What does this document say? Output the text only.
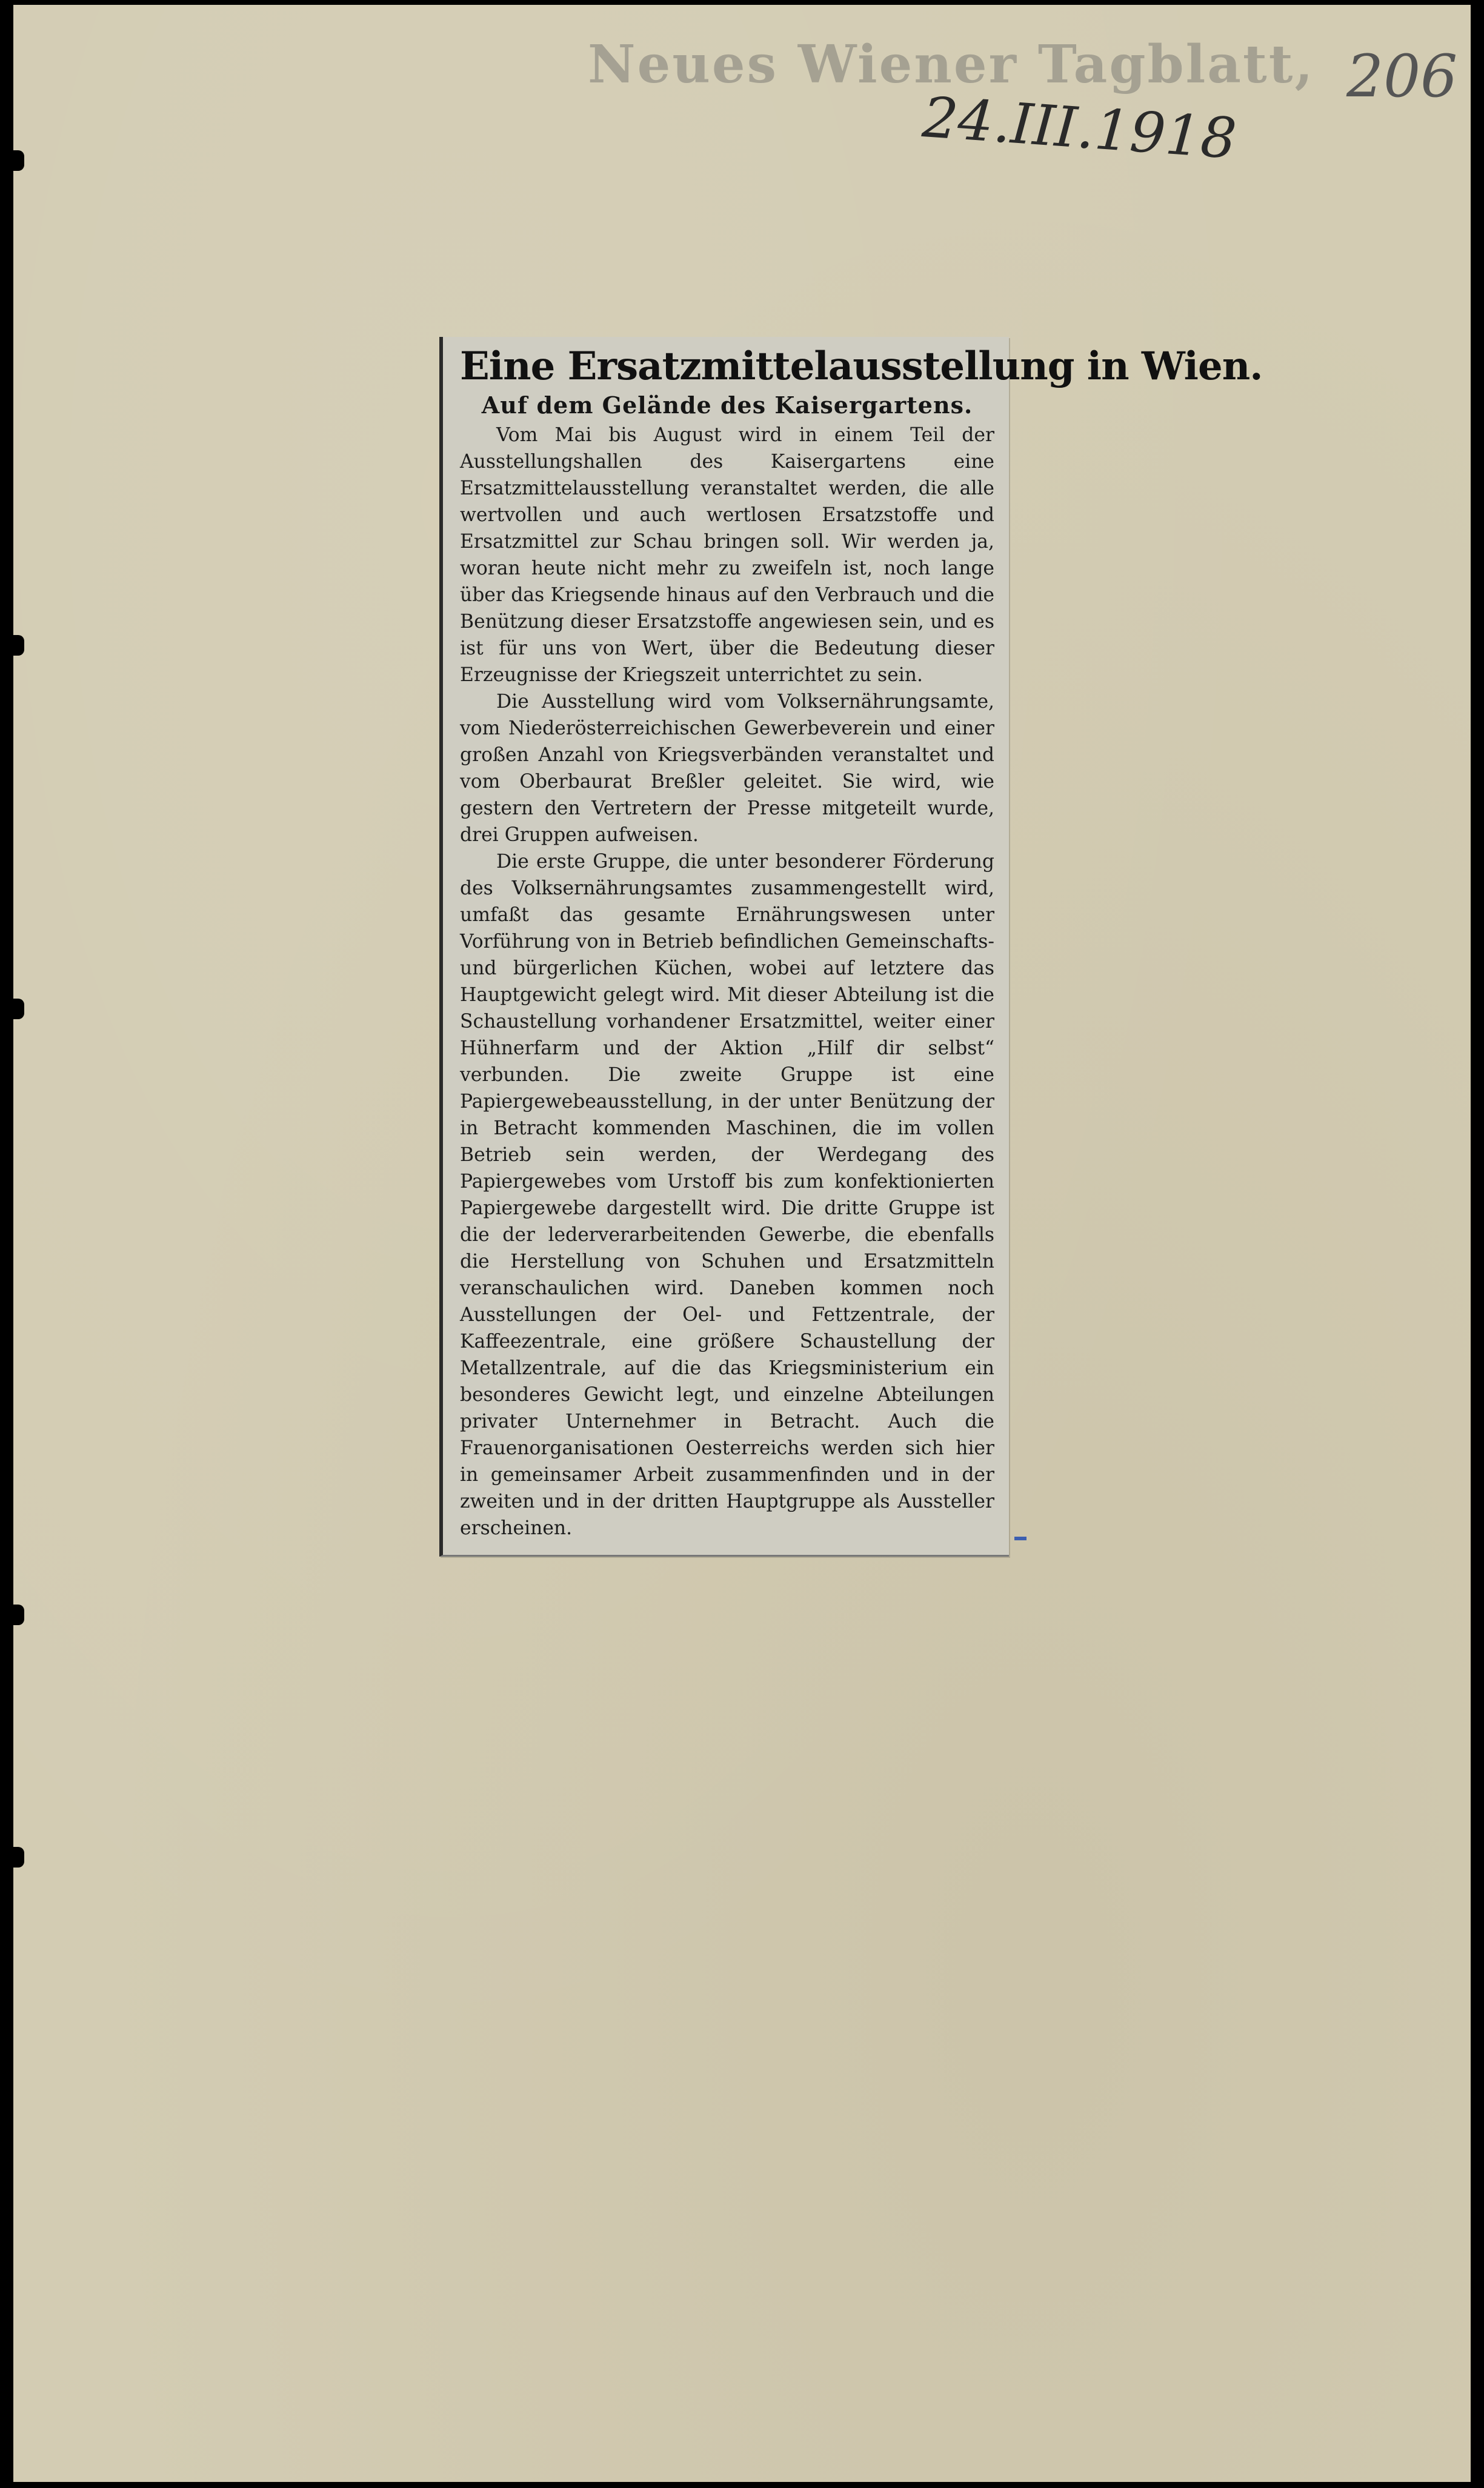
Neues Wiener Tagblatt,
24.III.1918
206
Eine Ersatzmittelausstellung in Wien.
Auf dem Gelände des Kaisergartens.

Vom Mai bis August wird in einem Teil der Ausstellungshallen des Kaisergartens eine Ersatzmittelausstellung veranstaltet werden, die alle wertvollen und auch wertlosen Ersatzstoffe und Ersatzmittel zur Schau bringen soll. Wir werden ja, woran heute nicht mehr zu zweifeln ist, noch lange über das Kriegsende hinaus auf den Verbrauch und die Benützung dieser Ersatzstoffe angewiesen sein, und es ist für uns von Wert, über die Bedeutung dieser Erzeugnisse der Kriegszeit unterrichtet zu sein.

Die Ausstellung wird vom Volksernährungsamte, vom Niederösterreichischen Gewerbeverein und einer großen Anzahl von Kriegsverbänden veranstaltet und vom Oberbaurat Breßler geleitet. Sie wird, wie gestern den Vertretern der Presse mitgeteilt wurde, drei Gruppen aufweisen.

Die erste Gruppe, die unter besonderer Förderung des Volksernährungsamtes zusammengestellt wird, umfaßt das gesamte Ernährungswesen unter Vorführung von in Betrieb befindlichen Gemeinschafts- und bürgerlichen Küchen, wobei auf letztere das Hauptgewicht gelegt wird. Mit dieser Abteilung ist die Schaustellung vorhandener Ersatzmittel, weiter einer Hühnerfarm und der Aktion „Hilf dir selbst“ verbunden. Die zweite Gruppe ist eine Papiergewebeausstellung, in der unter Benützung der in Betracht kommenden Maschinen, die im vollen Betrieb sein werden, der Werdegang des Papiergewebes vom Urstoff bis zum konfektionierten Papiergewebe dargestellt wird. Die dritte Gruppe ist die der lederverarbeitenden Gewerbe, die ebenfalls die Herstellung von Schuhen und Ersatzmitteln veranschaulichen wird. Daneben kommen noch Ausstellungen der Oel- und Fettzentrale, der Kaffeezentrale, eine größere Schaustellung der Metallzentrale, auf die das Kriegsministerium ein besonderes Gewicht legt, und einzelne Abteilungen privater Unternehmer in Betracht. Auch die Frauenorganisationen Oesterreichs werden sich hier in gemeinsamer Arbeit zusammenfinden und in der zweiten und in der dritten Hauptgruppe als Aussteller erscheinen.
